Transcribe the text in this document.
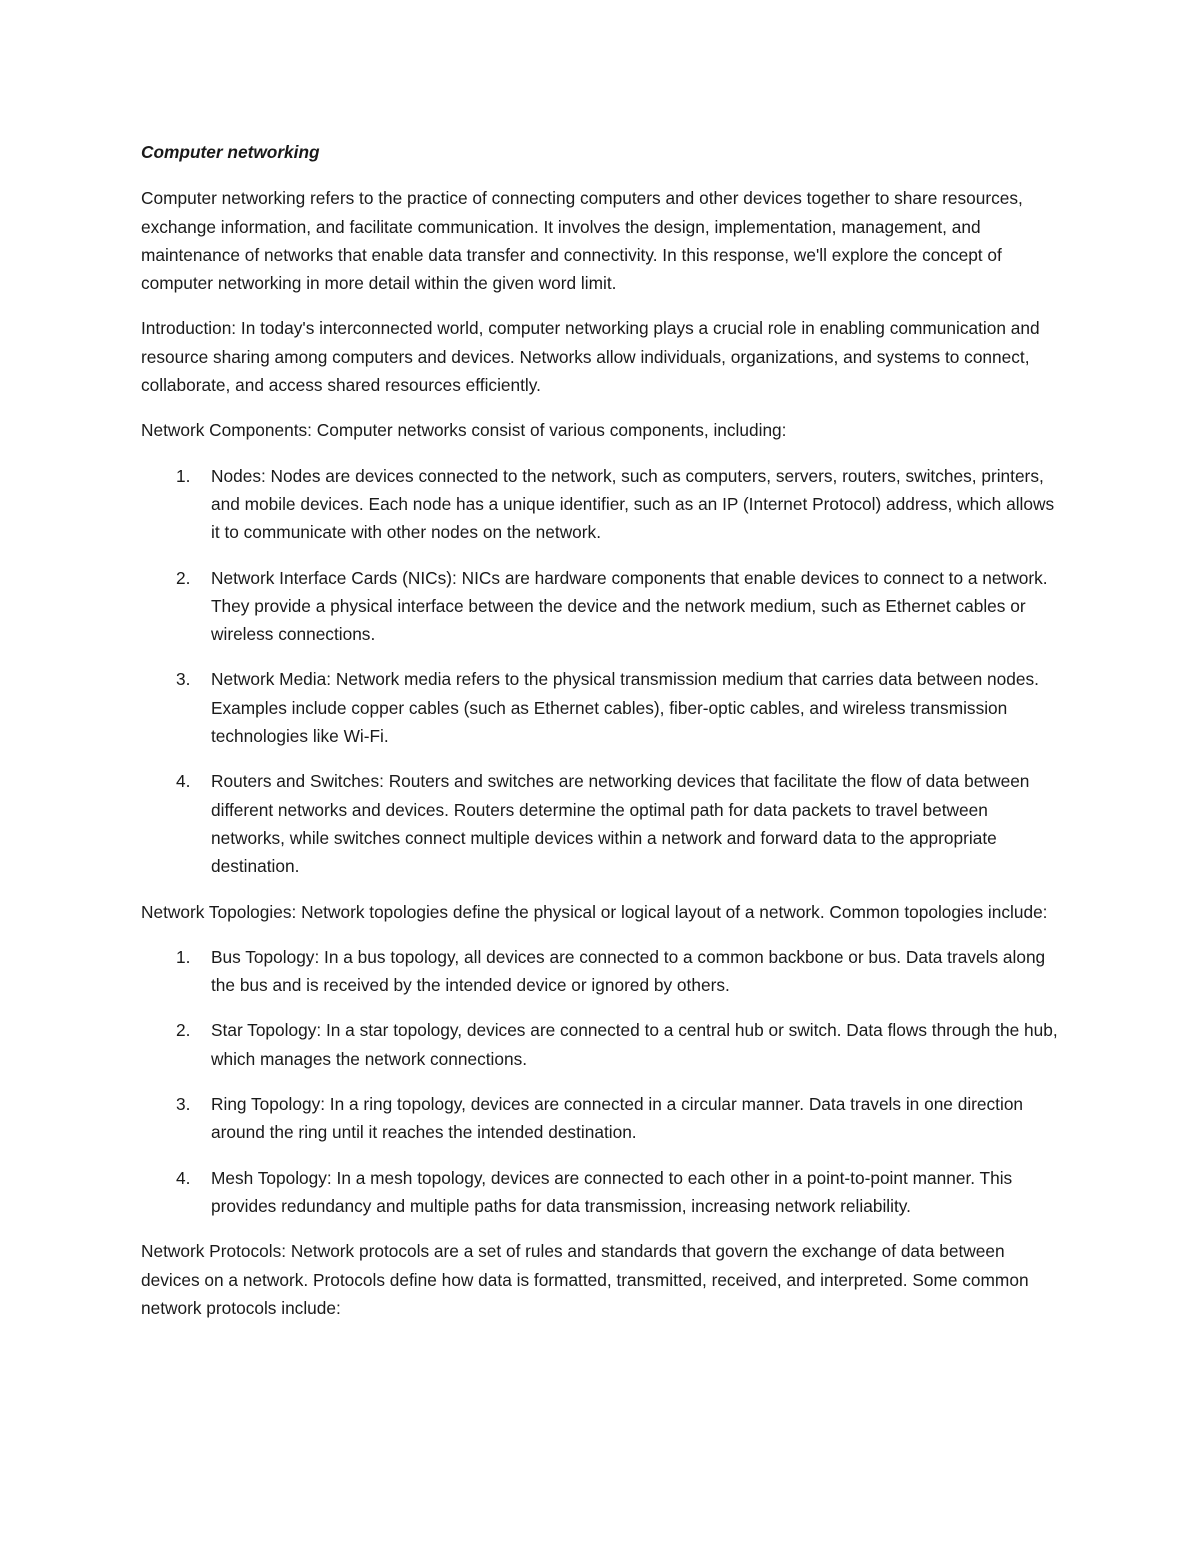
Computer networking

Computer networking refers to the practice of connecting computers and other devices together to share resources, exchange information, and facilitate communication. It involves the design, implementation, management, and maintenance of networks that enable data transfer and connectivity. In this response, we'll explore the concept of computer networking in more detail within the given word limit.

Introduction: In today's interconnected world, computer networking plays a crucial role in enabling communication and resource sharing among computers and devices. Networks allow individuals, organizations, and systems to connect, collaborate, and access shared resources efficiently.

Network Components: Computer networks consist of various components, including:

1. Nodes: Nodes are devices connected to the network, such as computers, servers, routers, switches, printers, and mobile devices. Each node has a unique identifier, such as an IP (Internet Protocol) address, which allows it to communicate with other nodes on the network.
2. Network Interface Cards (NICs): NICs are hardware components that enable devices to connect to a network. They provide a physical interface between the device and the network medium, such as Ethernet cables or wireless connections.
3. Network Media: Network media refers to the physical transmission medium that carries data between nodes. Examples include copper cables (such as Ethernet cables), fiber-optic cables, and wireless transmission technologies like Wi-Fi.
4. Routers and Switches: Routers and switches are networking devices that facilitate the flow of data between different networks and devices. Routers determine the optimal path for data packets to travel between networks, while switches connect multiple devices within a network and forward data to the appropriate destination.

Network Topologies: Network topologies define the physical or logical layout of a network. Common topologies include:

1. Bus Topology: In a bus topology, all devices are connected to a common backbone or bus. Data travels along the bus and is received by the intended device or ignored by others.
2. Star Topology: In a star topology, devices are connected to a central hub or switch. Data flows through the hub, which manages the network connections.
3. Ring Topology: In a ring topology, devices are connected in a circular manner. Data travels in one direction around the ring until it reaches the intended destination.
4. Mesh Topology: In a mesh topology, devices are connected to each other in a point-to-point manner. This provides redundancy and multiple paths for data transmission, increasing network reliability.

Network Protocols: Network protocols are a set of rules and standards that govern the exchange of data between devices on a network. Protocols define how data is formatted, transmitted, received, and interpreted. Some common network protocols include:
